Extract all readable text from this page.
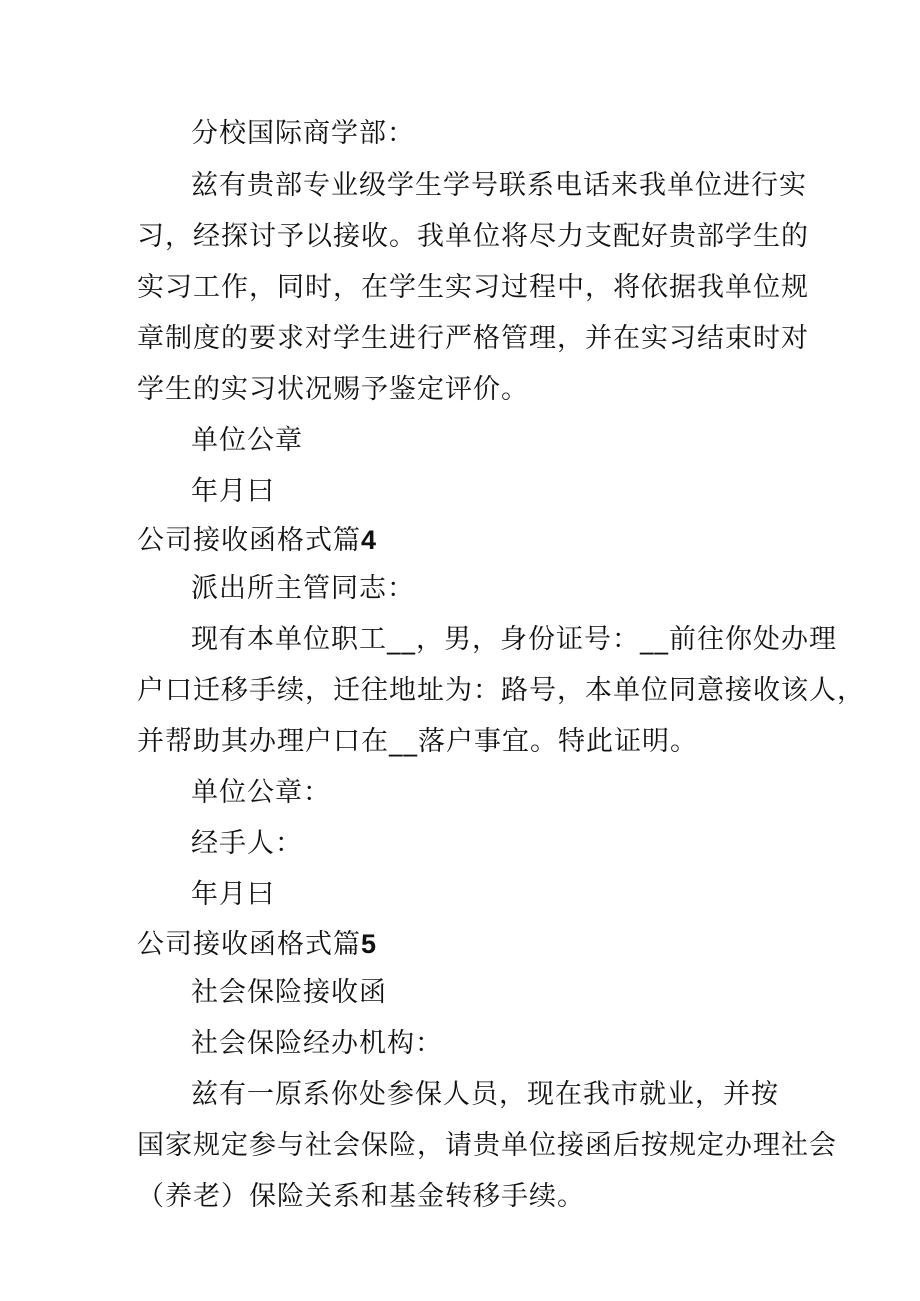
分校国际商学部：
兹有贵部专业级学生学号联系电话来我单位进行实
习，经探讨予以接收。我单位将尽力支配好贵部学生的
实习工作，同时，在学生实习过程中，将依据我单位规
章制度的要求对学生进行严格管理，并在实习结束时对
学生的实习状况赐予鉴定评价。
单位公章
年月曰
公司接收函格式篇4
派出所主管同志：
现有本单位职工__，男，身份证号：__前往你处办理
户口迁移手续，迁往地址为：路号，本单位同意接收该人，
并帮助其办理户口在__落户事宜。特此证明。
单位公章：
经手人：
年月曰
公司接收函格式篇5
社会保险接收函
社会保险经办机构：
兹有一原系你处参保人员，现在我市就业，并按
国家规定参与社会保险，请贵单位接函后按规定办理社会
（养老）保险关系和基金转移手续。
